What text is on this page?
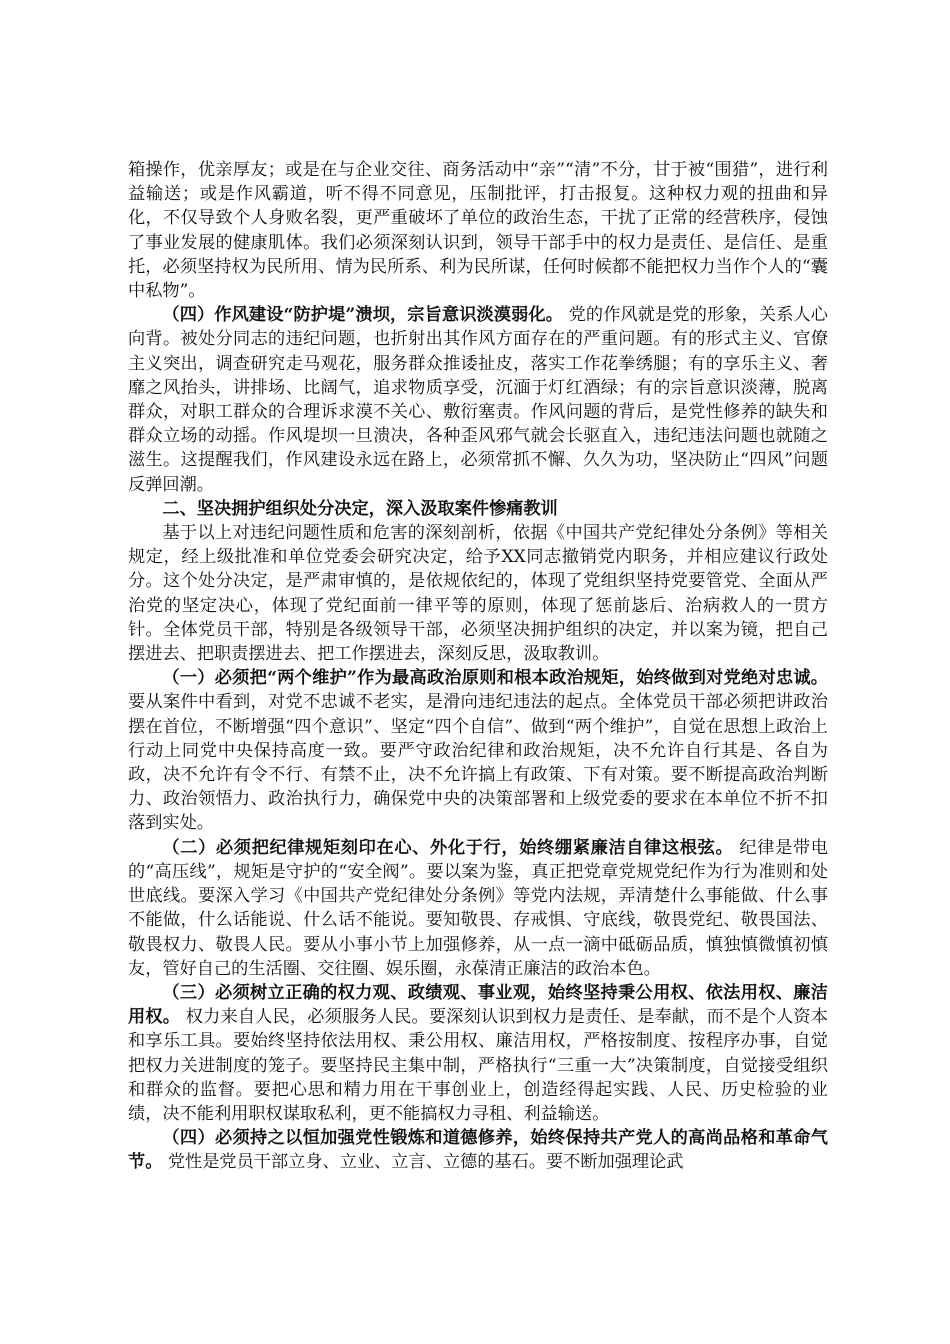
箱操作，优亲厚友；或是在与企业交往、商务活动中“亲”“清”不分，甘于被“围猎”，进行利益输送；或是作风霸道，听不得不同意见，压制批评，打击报复。这种权力观的扭曲和异化，不仅导致个人身败名裂，更严重破坏了单位的政治生态，干扰了正常的经营秩序，侵蚀了事业发展的健康肌体。我们必须深刻认识到，领导干部手中的权力是责任、是信任、是重托，必须坚持权为民所用、情为民所系、利为民所谋，任何时候都不能把权力当作个人的“囊中私物”。

（四）作风建设“防护堤”溃坝，宗旨意识淡漠弱化。 党的作风就是党的形象，关系人心向背。被处分同志的违纪问题，也折射出其作风方面存在的严重问题。有的形式主义、官僚主义突出，调查研究走马观花，服务群众推诿扯皮，落实工作花拳绣腿；有的享乐主义、奢靡之风抬头，讲排场、比阔气，追求物质享受，沉湎于灯红酒绿；有的宗旨意识淡薄，脱离群众，对职工群众的合理诉求漠不关心、敷衍塞责。作风问题的背后，是党性修养的缺失和群众立场的动摇。作风堤坝一旦溃决，各种歪风邪气就会长驱直入，违纪违法问题也就随之滋生。这提醒我们，作风建设永远在路上，必须常抓不懈、久久为功，坚决防止“四风”问题反弹回潮。

二、坚决拥护组织处分决定，深入汲取案件惨痛教训

基于以上对违纪问题性质和危害的深刻剖析，依据《中国共产党纪律处分条例》等相关规定，经上级批准和单位党委会研究决定，给予XX同志撤销党内职务，并相应建议行政处分。这个处分决定，是严肃审慎的，是依规依纪的，体现了党组织坚持党要管党、全面从严治党的坚定决心，体现了党纪面前一律平等的原则，体现了惩前毖后、治病救人的一贯方针。全体党员干部，特别是各级领导干部，必须坚决拥护组织的决定，并以案为镜，把自己摆进去、把职责摆进去、把工作摆进去，深刻反思，汲取教训。

（一）必须把“两个维护”作为最高政治原则和根本政治规矩，始终做到对党绝对忠诚。 要从案件中看到，对党不忠诚不老实，是滑向违纪违法的起点。全体党员干部必须把讲政治摆在首位，不断增强“四个意识”、坚定“四个自信”、做到“两个维护”，自觉在思想上政治上行动上同党中央保持高度一致。要严守政治纪律和政治规矩，决不允许自行其是、各自为政，决不允许有令不行、有禁不止，决不允许搞上有政策、下有对策。要不断提高政治判断力、政治领悟力、政治执行力，确保党中央的决策部署和上级党委的要求在本单位不折不扣落到实处。

（二）必须把纪律规矩刻印在心、外化于行，始终绷紧廉洁自律这根弦。 纪律是带电的“高压线”，规矩是守护的“安全阀”。要以案为鉴，真正把党章党规党纪作为行为准则和处世底线。要深入学习《中国共产党纪律处分条例》等党内法规，弄清楚什么事能做、什么事不能做，什么话能说、什么话不能说。要知敬畏、存戒惧、守底线，敬畏党纪、敬畏国法、敬畏权力、敬畏人民。要从小事小节上加强修养，从一点一滴中砥砺品质，慎独慎微慎初慎友，管好自己的生活圈、交往圈、娱乐圈，永葆清正廉洁的政治本色。

（三）必须树立正确的权力观、政绩观、事业观，始终坚持秉公用权、依法用权、廉洁用权。 权力来自人民，必须服务人民。要深刻认识到权力是责任、是奉献，而不是个人资本和享乐工具。要始终坚持依法用权、秉公用权、廉洁用权，严格按制度、按程序办事，自觉把权力关进制度的笼子。要坚持民主集中制，严格执行“三重一大”决策制度，自觉接受组织和群众的监督。要把心思和精力用在干事创业上，创造经得起实践、人民、历史检验的业绩，决不能利用职权谋取私利，更不能搞权力寻租、利益输送。

（四）必须持之以恒加强党性锻炼和道德修养，始终保持共产党人的高尚品格和革命气节。 党性是党员干部立身、立业、立言、立德的基石。要不断加强理论武
